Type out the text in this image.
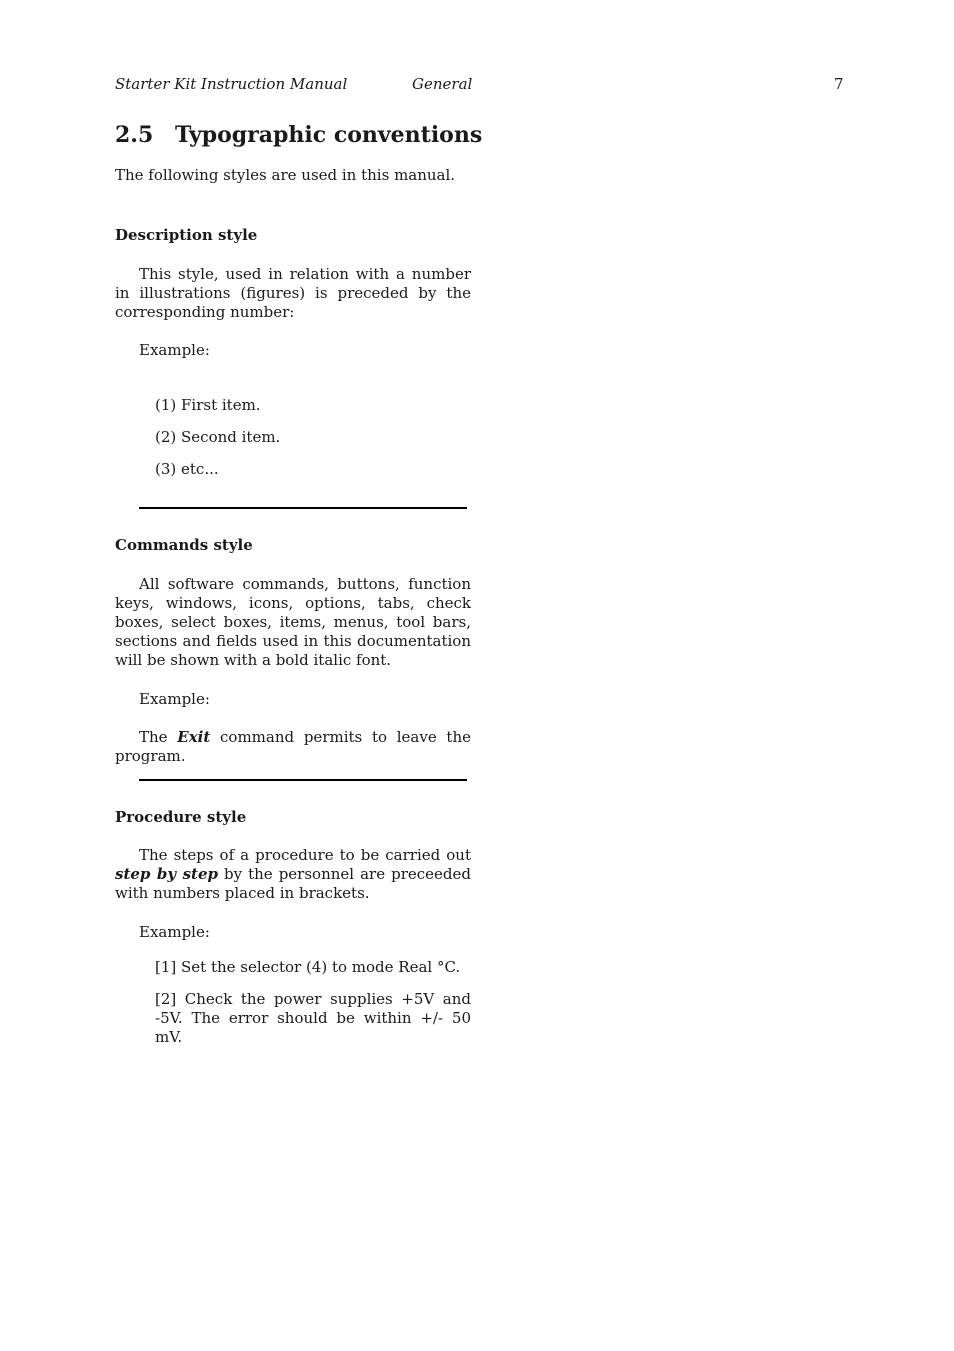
Starter Kit Instruction Manual	General	7
2.5 Typographic conventions
The following styles are used in this manual.
Description style
This style, used in relation with a number in illustrations (figures) is preceded by the corresponding number:
Example:
(1) First item.
(2) Second item.
(3) etc...
Commands style
All software commands, buttons, function keys, windows, icons, options, tabs, check boxes, select boxes, items, menus, tool bars, sections and fields used in this documentation will be shown with a bold italic font.
Example:
The Exit command permits to leave the program.
Procedure style
The steps of a procedure to be carried out step by step by the personnel are preceeded with numbers placed in brackets.
Example:
[1] Set the selector (4) to mode Real °C.
[2] Check the power supplies +5V and -5V. The error should be within +/- 50 mV.
